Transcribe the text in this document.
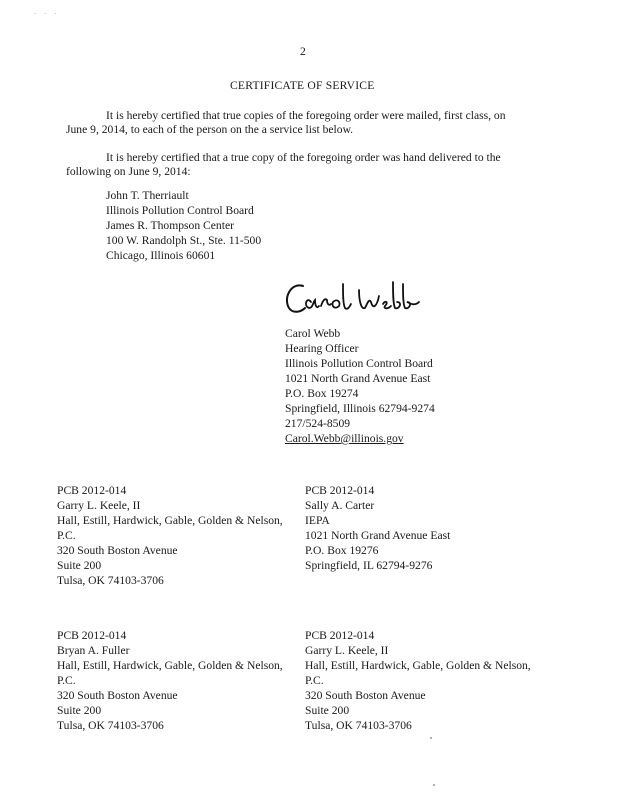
· · ·
2
CERTIFICATE OF SERVICE
It is hereby certified that true copies of the foregoing order were mailed, first class, on
June 9, 2014, to each of the person on the a service list below.
It is hereby certified that a true copy of the foregoing order was hand delivered to the
following on June 9, 2014:
John T. Therriault
Illinois Pollution Control Board
James R. Thompson Center
100 W. Randolph St., Ste. 11-500
Chicago, Illinois 60601
Carol Webb
Hearing Officer
Illinois Pollution Control Board
1021 North Grand Avenue East
P.O. Box 19274
Springfield, Illinois 62794-9274
217/524-8509
Carol.Webb@illinois.gov
PCB 2012-014
Garry L. Keele, II
Hall, Estill, Hardwick, Gable, Golden & Nelson,
P.C.
320 South Boston Avenue
Suite 200
Tulsa, OK 74103-3706
PCB 2012-014
Sally A. Carter
IEPA
1021 North Grand Avenue East
P.O. Box 19276
Springfield, IL 62794-9276
PCB 2012-014
Bryan A. Fuller
Hall, Estill, Hardwick, Gable, Golden & Nelson,
P.C.
320 South Boston Avenue
Suite 200
Tulsa, OK 74103-3706
PCB 2012-014
Garry L. Keele, II
Hall, Estill, Hardwick, Gable, Golden & Nelson,
P.C.
320 South Boston Avenue
Suite 200
Tulsa, OK 74103-3706
